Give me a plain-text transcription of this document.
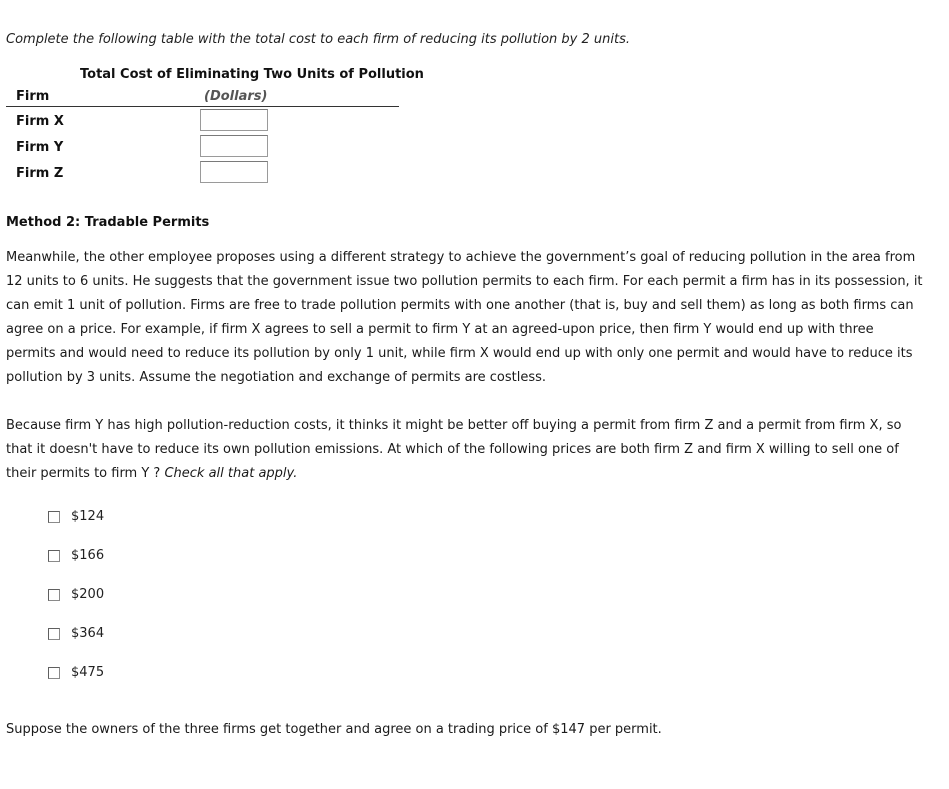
Complete the following table with the total cost to each firm of reducing its pollution by 2 units.
Total Cost of Eliminating Two Units of Pollution
Firm	(Dollars)
Firm X
Firm Y
Firm Z
Method 2: Tradable Permits

Meanwhile, the other employee proposes using a different strategy to achieve the government’s goal of reducing pollution in the area from 12 units to 6 units. He suggests that the government issue two pollution permits to each firm. For each permit a firm has in its possession, it can emit 1 unit of pollution. Firms are free to trade pollution permits with one another (that is, buy and sell them) as long as both firms can agree on a price. For example, if firm X agrees to sell a permit to firm Y at an agreed-upon price, then firm Y would end up with three permits and would need to reduce its pollution by only 1 unit, while firm X would end up with only one permit and would have to reduce its pollution by 3 units. Assume the negotiation and exchange of permits are costless.

Because firm Y has high pollution-reduction costs, it thinks it might be better off buying a permit from firm Z and a permit from firm X, so that it doesn't have to reduce its own pollution emissions. At which of the following prices are both firm Z and firm X willing to sell one of their permits to firm Y ? Check all that apply.

$124
$166
$200
$364
$475
Suppose the owners of the three firms get together and agree on a trading price of $147 per permit.
